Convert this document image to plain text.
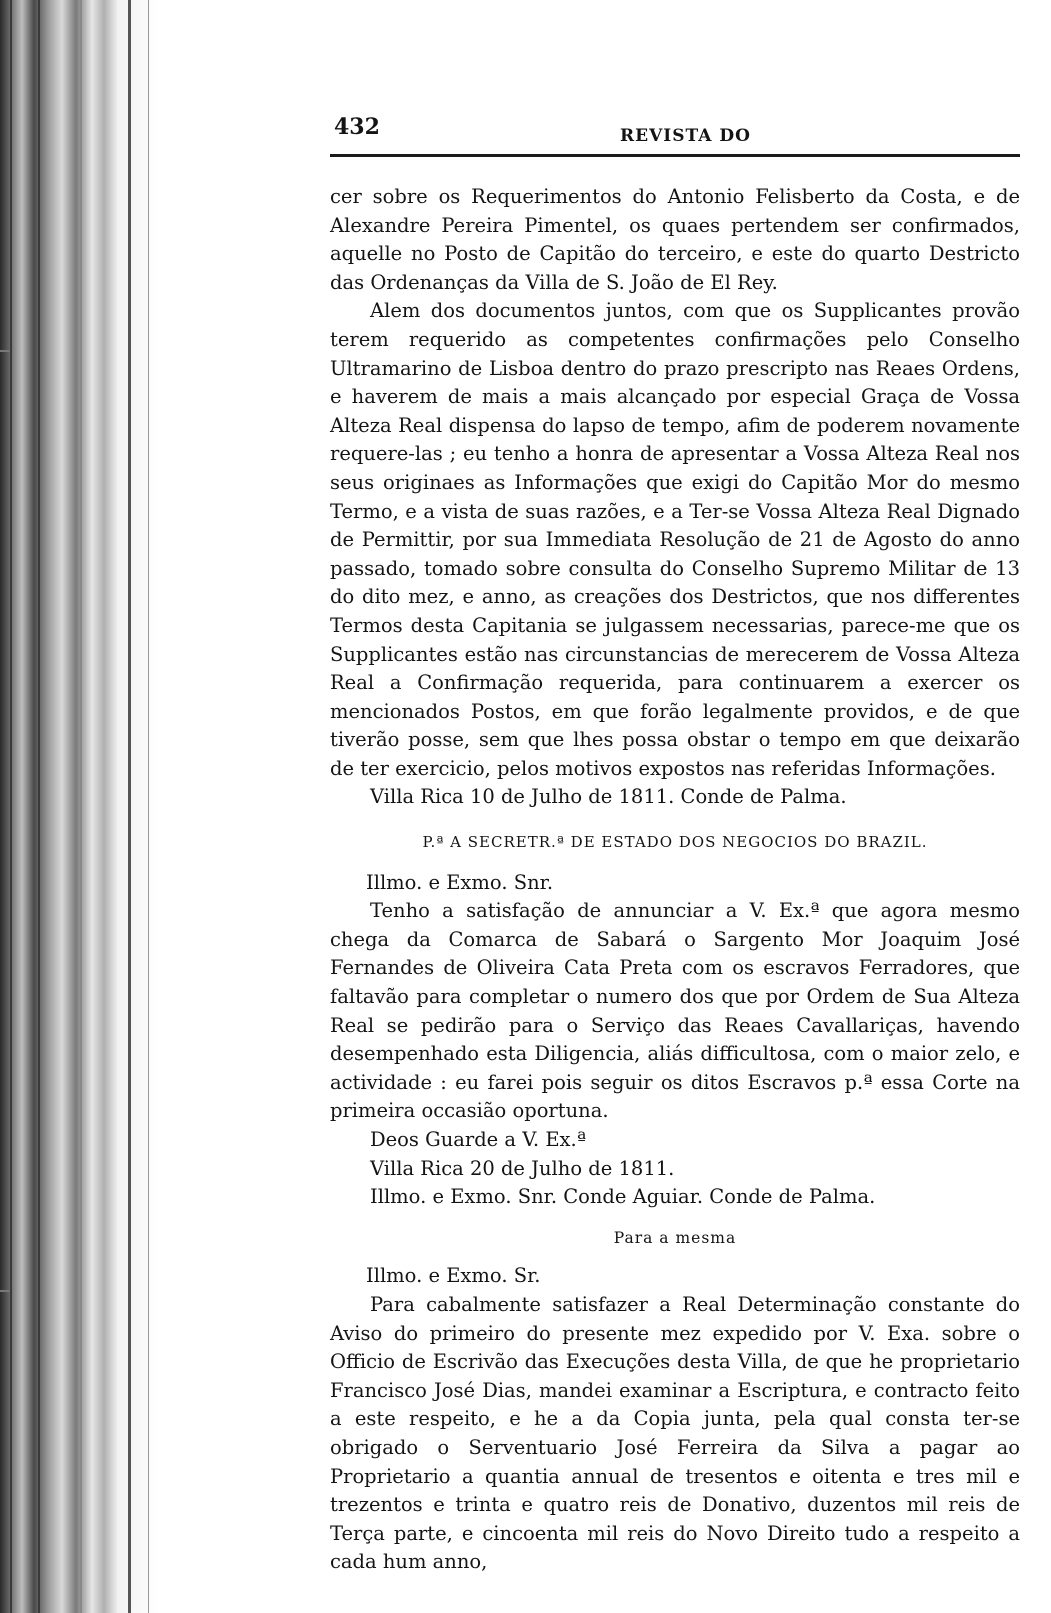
432	REVISTA DO

cer sobre os Requerimentos do Antonio Felisberto da Costa, e de Alexandre Pereira Pimentel, os quaes pertendem ser confirmados, aquelle no Posto de Capitão do terceiro, e este do quarto Destricto das Ordenanças da Villa de S. João de El Rey.

Alem dos documentos juntos, com que os Supplicantes provão terem requerido as competentes confirmações pelo Conselho Ultramarino de Lisboa dentro do prazo prescripto nas Reaes Ordens, e haverem de mais a mais alcançado por especial Graça de Vossa Alteza Real dispensa do lapso de tempo, afim de poderem novamente requere-las ; eu tenho a honra de apresentar a Vossa Alteza Real nos seus originaes as Informações que exigi do Capitão Mor do mesmo Termo, e a vista de suas razões, e a Ter-se Vossa Alteza Real Dignado de Permittir, por sua Immediata Resolução de 21 de Agosto do anno passado, tomado sobre consulta do Conselho Supremo Militar de 13 do dito mez, e anno, as creações dos Destrictos, que nos differentes Termos desta Capitania se julgassem necessarias, parece-me que os Supplicantes estão nas circunstancias de merecerem de Vossa Alteza Real a Confirmação requerida, para continuarem a exercer os mencionados Postos, em que forão legalmente providos, e de que tiverão posse, sem que lhes possa obstar o tempo em que deixarão de ter exercicio, pelos motivos expostos nas referidas Informações.

Villa Rica 10 de Julho de 1811. Conde de Palma.

P.ª A SECRETR.ª DE ESTADO DOS NEGOCIOS DO BRAZIL.

Illmo. e Exmo. Snr.

Tenho a satisfação de annunciar a V. Ex.ª que agora mesmo chega da Comarca de Sabará o Sargento Mor Joaquim José Fernandes de Oliveira Cata Preta com os escravos Ferradores, que faltavão para completar o numero dos que por Ordem de Sua Alteza Real se pedirão para o Serviço das Reaes Cavallariças, havendo desempenhado esta Diligencia, aliás difficultosa, com o maior zelo, e actividade : eu farei pois seguir os ditos Escravos p.ª essa Corte na primeira occasião oportuna.

Deos Guarde a V. Ex.ª

Villa Rica 20 de Julho de 1811.

Illmo. e Exmo. Snr. Conde Aguiar. Conde de Palma.

Para a mesma

Illmo. e Exmo. Sr.

Para cabalmente satisfazer a Real Determinação constante do Aviso do primeiro do presente mez expedido por V. Exa. sobre o Officio de Escrivão das Execuções desta Villa, de que he proprietario Francisco José Dias, mandei examinar a Escriptura, e contracto feito a este respeito, e he a da Copia junta, pela qual consta ter-se obrigado o Serventuario José Ferreira da Silva a pagar ao Proprietario a quantia annual de tresentos e oitenta e tres mil e trezentos e trinta e quatro reis de Donativo, duzentos mil reis de Terça parte, e cincoenta mil reis do Novo Direito tudo a respeito a cada hum anno,
